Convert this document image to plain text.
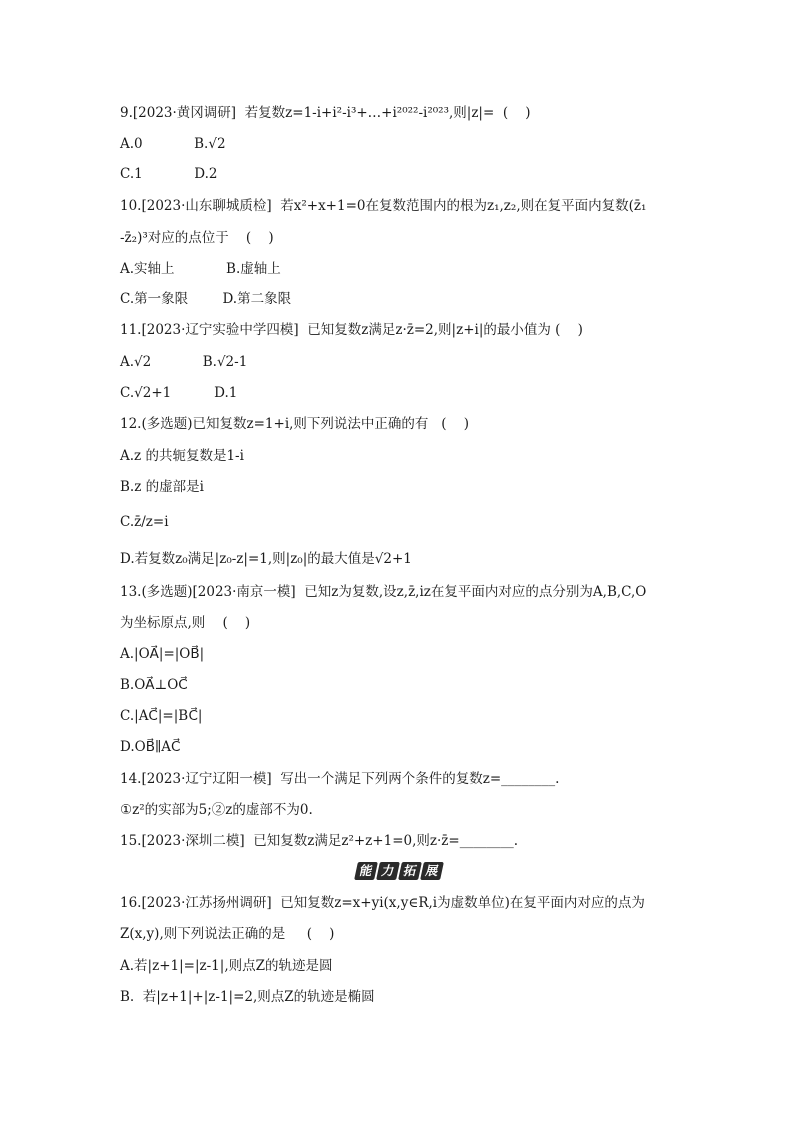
9.[2023·黄冈调研]  若复数z=1-i+i²-i³+…+i²⁰²²-i²⁰²³,则|z|=  (    )
A.0            B.√2
C.1            D.2
10.[2023·山东聊城质检]  若x²+x+1=0在复数范围内的根为z₁,z₂,则在复平面内复数(z̄₁
-z̄₂)³对应的点位于    (    )
A.实轴上            B.虚轴上
C.第一象限        D.第二象限
11.[2023·辽宁实验中学四模]  已知复数z满足z·z̄=2,则|z+i|的最小值为 (    )
A.√2            B.√2-1
C.√2+1          D.1
12.(多选题)已知复数z=1+i,则下列说法中正确的有   (    )
A.z 的共轭复数是1-i
B.z 的虚部是i
C.z̄/z=i
D.若复数z₀满足|z₀-z|=1,则|z₀|的最大值是√2+1
13.(多选题)[2023·南京一模]  已知z为复数,设z,z̄,iz在复平面内对应的点分别为A,B,C,O
为坐标原点,则    (    )
A.|OA⃗|=|OB⃗|
B.OA⃗⊥OC⃗
C.|AC⃗|=|BC⃗|
D.OB⃗∥AC⃗
14.[2023·辽宁辽阳一模]  写出一个满足下列两个条件的复数z=________.
①z²的实部为5;②z的虚部不为0.
15.[2023·深圳二模]  已知复数z满足z²+z+1=0,则z·z̄=________.
能 力 拓 展
16.[2023·江苏扬州调研]  已知复数z=x+yi(x,y∈R,i为虚数单位)在复平面内对应的点为
Z(x,y),则下列说法正确的是     (    )
A.若|z+1|=|z-1|,则点Z的轨迹是圆
B.  若|z+1|+|z-1|=2,则点Z的轨迹是椭圆
